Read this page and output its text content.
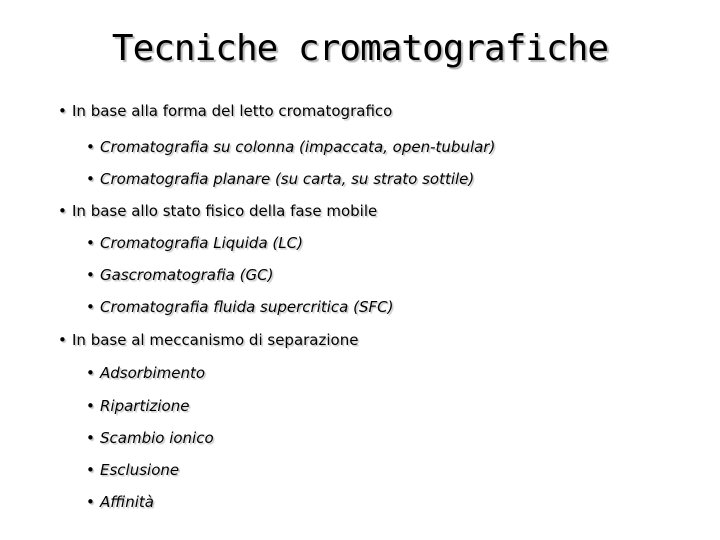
Tecniche cromatografiche
• In base alla forma del letto cromatografico
• Cromatografia su colonna (impaccata, open-tubular)
• Cromatografia planare (su carta, su strato sottile)
• In base allo stato fisico della fase mobile
• Cromatografia Liquida (LC)
• Gascromatografia (GC)
• Cromatografia fluida supercritica (SFC)
• In base al meccanismo di separazione
• Adsorbimento
• Ripartizione
• Scambio ionico
• Esclusione
• Affinità
